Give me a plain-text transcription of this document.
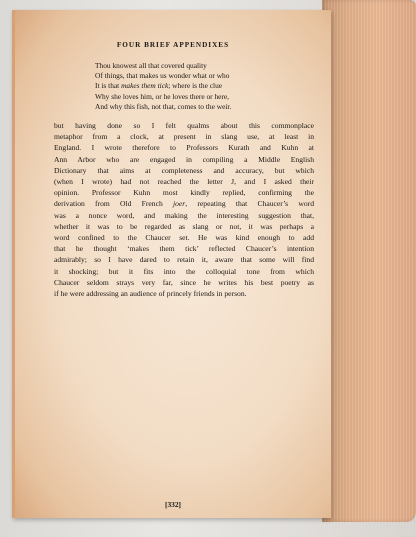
FOUR BRIEF APPENDIXES
Thou knowest all that covered quality
Of things, that makes us wonder what or who
It is that makes them tick; where is the clue
Why she loves him, or he loves there or here,
And why this fish, not that, comes to the weir.
but having done so I felt qualms about this commonplace
metaphor from a clock, at present in slang use, at least in
England. I wrote therefore to Professors Kurath and Kuhn at
Ann Arbor who are engaged in compiling a Middle English
Dictionary that aims at completeness and accuracy, but which
(when I wrote) had not reached the letter J, and I asked their
opinion. Professor Kuhn most kindly replied, confirming the
derivation from Old French joer, repeating that Chaucer’s word
was a nonce word, and making the interesting suggestion that,
whether it was to be regarded as slang or not, it was perhaps a
word confined to the Chaucer set. He was kind enough to add
that he thought ‘makes them tick’ reflected Chaucer’s intention
admirably; so I have dared to retain it, aware that some will find
it shocking; but it fits into the colloquial tone from which
Chaucer seldom strays very far, since he writes his best poetry as
if he were addressing an audience of princely friends in person.
[332]
